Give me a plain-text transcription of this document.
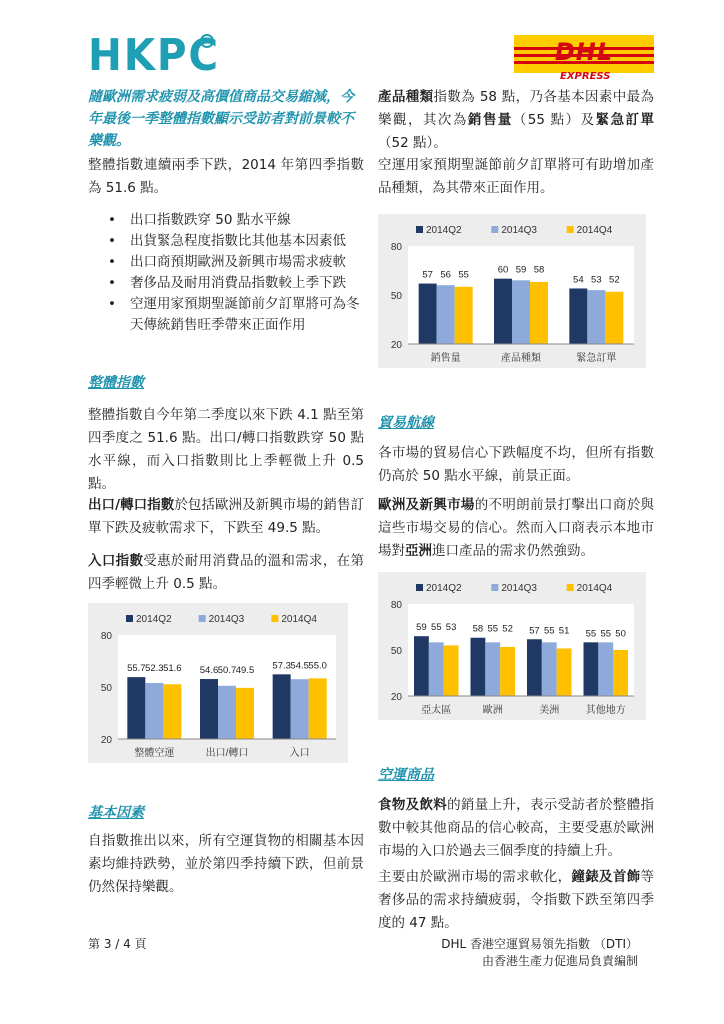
HKPC	DHL
EXPRESS

隨歐洲需求疲弱及高價值商品交易縮減，今年最後一季整體指數顯示受訪者對前景較不樂觀。

整體指數連續兩季下跌，2014 年第四季指數為 51.6 點。

• 出口指數跌穿 50 點水平線
• 出貨緊急程度指數比其他基本因素低
• 出口商預期歐洲及新興市場需求疲軟
• 奢侈品及耐用消費品指數較上季下跌
• 空運用家預期聖誕節前夕訂單將可為冬天傳統銷售旺季帶來正面作用

整體指數

整體指數自今年第二季度以來下跌 4.1 點至第四季度之 51.6 點。出口/轉口指數跌穿 50 點水平線，而入口指數則比上季輕微上升 0.5 點。

出口/轉口指數於包括歐洲及新興市場的銷售訂單下跌及疲軟需求下，下跌至 49.5 點。

入口指數受惠於耐用消費品的溫和需求，在第四季輕微上升 0.5 點。

20
50
80
2014Q2	2014Q3	2014Q4
55.7 52.3 51.6
整體空運
54.6 50.7 49.5
出口/轉口
57.3 54.5 55.0
入口

基本因素

自指數推出以來，所有空運貨物的相關基本因素均維持跌勢，並於第四季持續下跌，但前景仍然保持樂觀。

產品種類指數為 58 點，乃各基本因素中最為樂觀，其次為銷售量（55 點）及緊急訂單（52 點）。

空運用家預期聖誕節前夕訂單將可有助增加產品種類，為其帶來正面作用。

20
50
80
2014Q2	2014Q3	2014Q4
57 56 55
銷售量
60 59 58
產品種類
54 53 52
緊急訂單

貿易航線

各市場的貿易信心下跌幅度不均，但所有指數仍高於 50 點水平線，前景正面。

歐洲及新興市場的不明朗前景打擊出口商於與這些市場交易的信心。然而入口商表示本地市場對亞洲進口產品的需求仍然強勁。

20
50
80
2014Q2	2014Q3	2014Q4
59 55 53
亞太區
58 55 52
歐洲
57 55 51
美洲
55 55 50
其他地方

空運商品

食物及飲料的銷量上升，表示受訪者於整體指數中較其他商品的信心較高，主要受惠於歐洲市場的入口於過去三個季度的持續上升。

主要由於歐洲市場的需求軟化，鐘錶及首飾等奢侈品的需求持續疲弱，令指數下跌至第四季度的 47 點。

第 3 / 4 頁	DHL 香港空運貿易領先指數 （DTI）
由香港生產力促進局負責編制
